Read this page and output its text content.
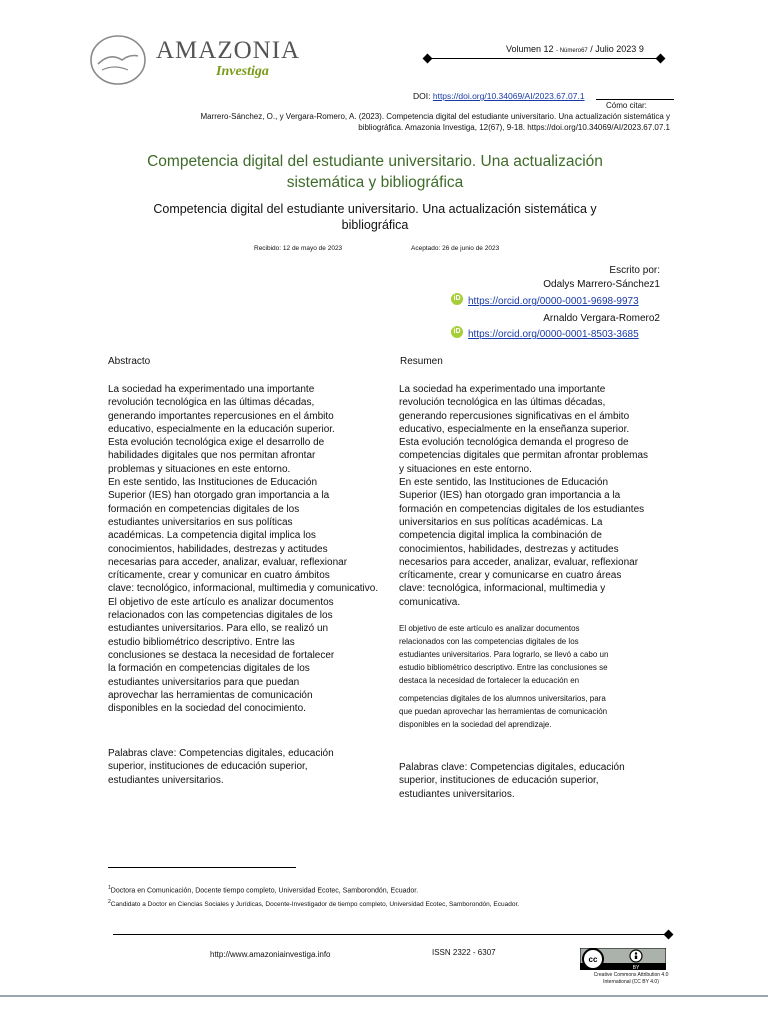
AMAZONIA
Investiga
Volumen 12 - Número67 / Julio 2023 9
DOI: https://doi.org/10.34069/AI/2023.67.07.1
Cómo citar:
Marrero-Sánchez, O., y Vergara-Romero, A. (2023). Competencia digital del estudiante universitario. Una actualización sistemática y
bibliográfica. Amazonia Investiga, 12(67), 9-18. https://doi.org/10.34069/AI/2023.67.07.1
Competencia digital del estudiante universitario. Una actualización
sistemática y bibliográfica
Competencia digital del estudiante universitario. Una actualización sistemática y
bibliográfica
Recibido: 12 de mayo de 2023	Aceptado: 26 de junio de 2023
Escrito por:
Odalys Marrero-Sánchez1
iD https://orcid.org/0000-0001-9698-9973
Arnaldo Vergara-Romero2
iD https://orcid.org/0000-0001-8503-3685
Abstracto
La sociedad ha experimentado una importante
revolución tecnológica en las últimas décadas,
generando importantes repercusiones en el ámbito
educativo, especialmente en la educación superior.
Esta evolución tecnológica exige el desarrollo de
habilidades digitales que nos permitan afrontar
problemas y situaciones en este entorno.
En este sentido, las Instituciones de Educación
Superior (IES) han otorgado gran importancia a la
formación en competencias digitales de los
estudiantes universitarios en sus políticas
académicas. La competencia digital implica los
conocimientos, habilidades, destrezas y actitudes
necesarias para acceder, analizar, evaluar, reflexionar
críticamente, crear y comunicar en cuatro ámbitos
clave: tecnológico, informacional, multimedia y comunicativo.
El objetivo de este artículo es analizar documentos
relacionados con las competencias digitales de los
estudiantes universitarios. Para ello, se realizó un
estudio bibliométrico descriptivo. Entre las
conclusiones se destaca la necesidad de fortalecer
la formación en competencias digitales de los
estudiantes universitarios para que puedan
aprovechar las herramientas de comunicación
disponibles en la sociedad del conocimiento.
Palabras clave: Competencias digitales, educación
superior, instituciones de educación superior,
estudiantes universitarios.
Resumen
La sociedad ha experimentado una importante
revolución tecnológica en las últimas décadas,
generando repercusiones significativas en el ámbito
educativo, especialmente en la enseñanza superior.
Esta evolución tecnológica demanda el progreso de
competencias digitales que permitan afrontar problemas
y situaciones en este entorno.
En este sentido, las Instituciones de Educación
Superior (IES) han otorgado gran importancia a la
formación en competencias digitales de los estudiantes
universitarios en sus políticas académicas. La
competencia digital implica la combinación de
conocimientos, habilidades, destrezas y actitudes
necesarios para acceder, analizar, evaluar, reflexionar
críticamente, crear y comunicarse en cuatro áreas
clave: tecnológica, informacional, multimedia y
comunicativa.
El objetivo de este artículo es analizar documentos
relacionados con las competencias digitales de los
estudiantes universitarios. Para lograrlo, se llevó a cabo un
estudio bibliométrico descriptivo. Entre las conclusiones se
destaca la necesidad de fortalecer la educación en
competencias digitales de los alumnos universitarios, para
que puedan aprovechar las herramientas de comunicación
disponibles en la sociedad del aprendizaje.
Palabras clave: Competencias digitales, educación
superior, instituciones de educación superior,
estudiantes universitarios.
$^1$Doctora en Comunicación, Docente tiempo completo, Universidad Ecotec, Samborondón, Ecuador.
$^2$Candidato a Doctor en Ciencias Sociales y Jurídicas, Docente-Investigador de tiempo completo, Universidad Ecotec, Samborondón, Ecuador.
http://www.amazoniainvestiga.info	ISSN 2322 - 6307
cc
BY
Creative Commons Attribution 4.0
International (CC BY 4.0)
